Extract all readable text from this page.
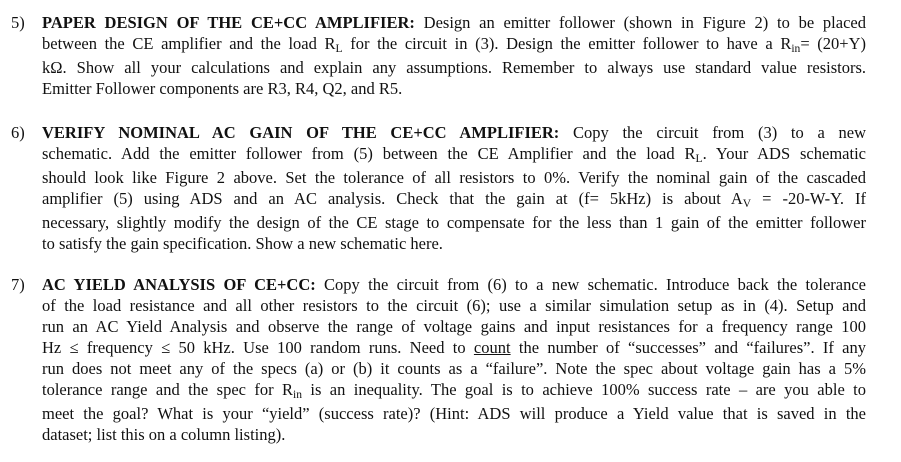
5) PAPER DESIGN OF THE CE+CC AMPLIFIER: Design an emitter follower (shown in Figure 2) to be placed
between the CE amplifier and the load RL for the circuit in (3). Design the emitter follower to have a Rin= (20+Y)
kΩ. Show all your calculations and explain any assumptions. Remember to always use standard value resistors.
Emitter Follower components are R3, R4, Q2, and R5.
6) VERIFY NOMINAL AC GAIN OF THE CE+CC AMPLIFIER: Copy the circuit from (3) to a new
schematic. Add the emitter follower from (5) between the CE Amplifier and the load RL. Your ADS schematic
should look like Figure 2 above. Set the tolerance of all resistors to 0%. Verify the nominal gain of the cascaded
amplifier (5) using ADS and an AC analysis. Check that the gain at (f= 5kHz) is about AV = -20-W-Y. If
necessary, slightly modify the design of the CE stage to compensate for the less than 1 gain of the emitter follower
to satisfy the gain specification. Show a new schematic here.
7) AC YIELD ANALYSIS OF CE+CC: Copy the circuit from (6) to a new schematic. Introduce back the tolerance
of the load resistance and all other resistors to the circuit (6); use a similar simulation setup as in (4). Setup and
run an AC Yield Analysis and observe the range of voltage gains and input resistances for a frequency range 100
Hz ≤ frequency ≤ 50 kHz. Use 100 random runs. Need to count the number of “successes” and “failures”. If any
run does not meet any of the specs (a) or (b) it counts as a “failure”. Note the spec about voltage gain has a 5%
tolerance range and the spec for Rin is an inequality. The goal is to achieve 100% success rate – are you able to
meet the goal? What is your “yield” (success rate)? (Hint: ADS will produce a Yield value that is saved in the
dataset; list this on a column listing).
